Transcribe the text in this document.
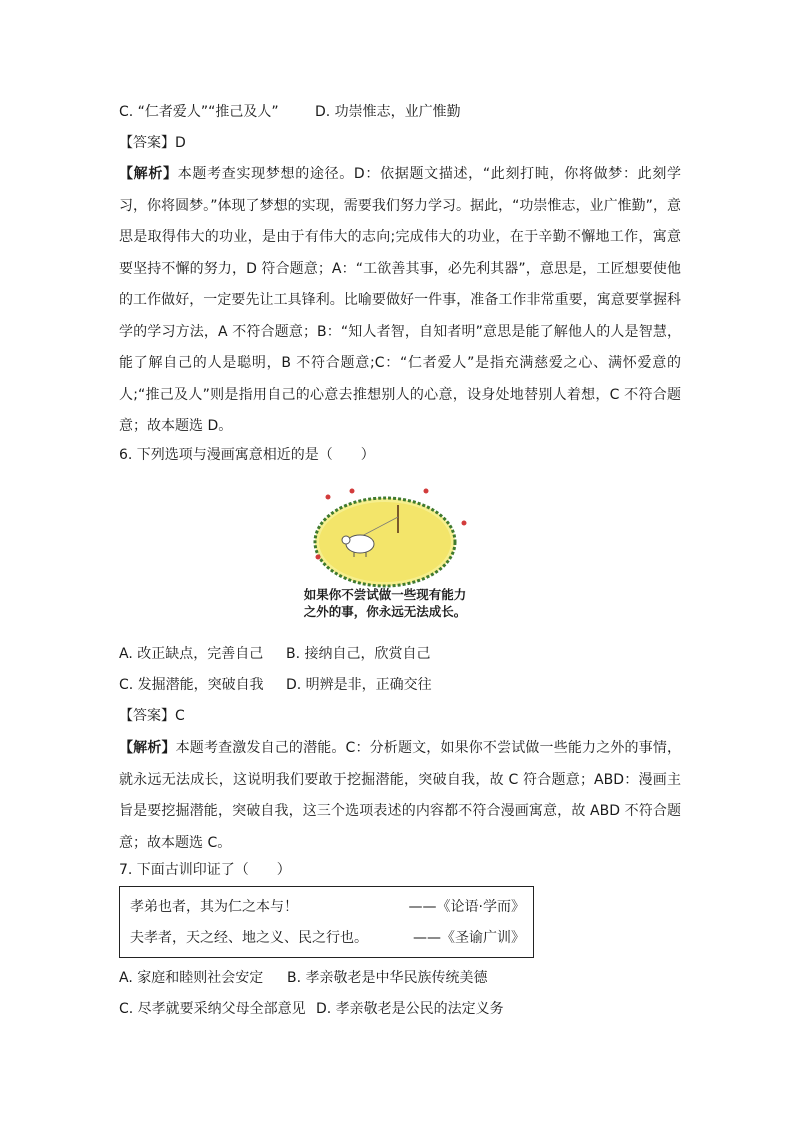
C. “仁者爱人”“推己及人”	D. 功崇惟志，业广惟勤
【答案】D
【解析】本题考查实现梦想的途径。D：依据题文描述，“此刻打盹，你将做梦：此刻学习，你将圆梦。”体现了梦想的实现，需要我们努力学习。据此，“功崇惟志，业广惟勤”，意思是取得伟大的功业，是由于有伟大的志向;完成伟大的功业，在于辛勤不懈地工作，寓意要坚持不懈的努力，D 符合题意；A：“工欲善其事，必先利其器”，意思是，工匠想要使他的工作做好，一定要先让工具锋利。比喻要做好一件事，准备工作非常重要，寓意要掌握科学的学习方法，A 不符合题意；B：“知人者智，自知者明”意思是能了解他人的人是智慧，能了解自己的人是聪明，B 不符合题意;C：“仁者爱人”是指充满慈爱之心、满怀爱意的人;“推己及人”则是指用自己的心意去推想别人的心意，设身处地替别人着想，C 不符合题意；故本题选 D。
6. 下列选项与漫画寓意相近的是（　　）
如果你不尝试做一些现有能力
之外的事，你永远无法成长。
A. 改正缺点，完善自己 B. 接纳自己，欣赏自己
C. 发掘潜能，突破自我 D. 明辨是非，正确交往
【答案】C
【解析】本题考查激发自己的潜能。C：分析题文，如果你不尝试做一些能力之外的事情，就永远无法成长，这说明我们要敢于挖掘潜能，突破自我，故 C 符合题意；ABD：漫画主旨是要挖掘潜能，突破自我，这三个选项表述的内容都不符合漫画寓意，故 ABD 不符合题意；故本题选 C。
7. 下面古训印证了（　　）
孝弟也者，其为仁之本与！	——《论语·学而》
夫孝者，天之经、地之义、民之行也。	——《圣谕广训》
A. 家庭和睦则社会安定 B. 孝亲敬老是中华民族传统美德
C. 尽孝就要采纳父母全部意见 D. 孝亲敬老是公民的法定义务
